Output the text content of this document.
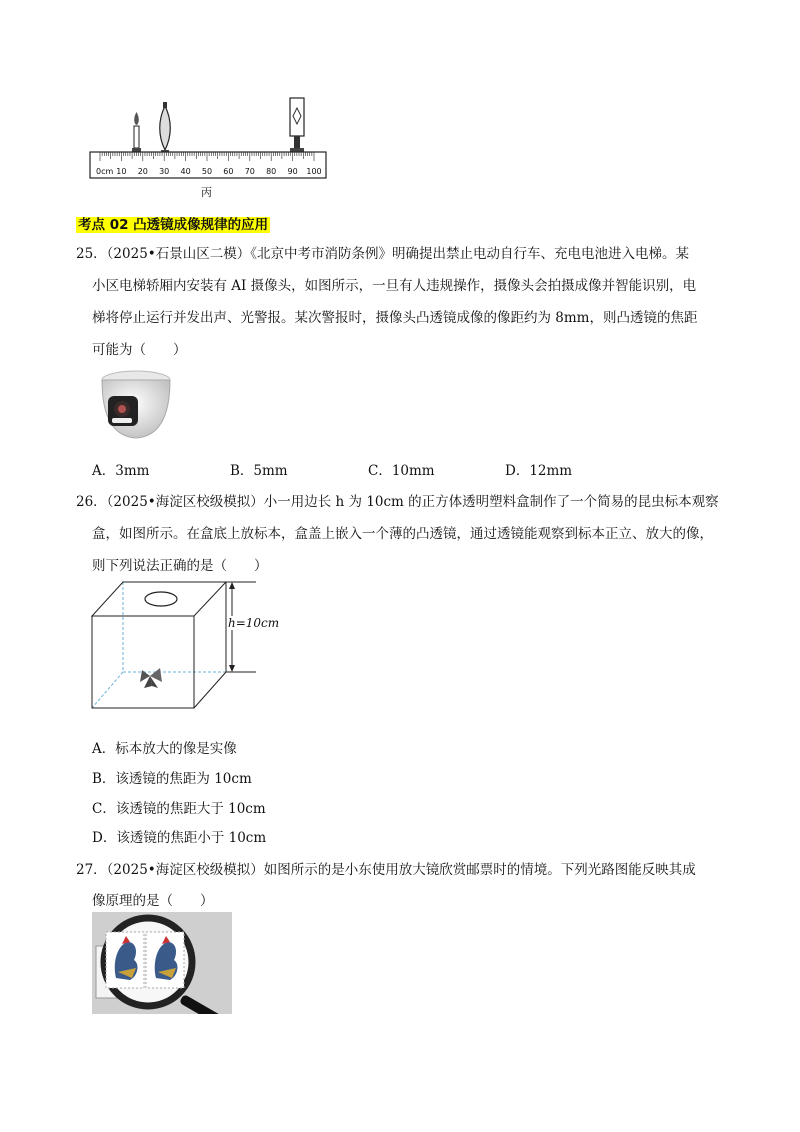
0cm 10 20 30 40 50 60 70 80 90 100
丙
考点 02 凸透镜成像规律的应用
25．（2025•石景山区二模）《北京中考市消防条例》明确提出禁止电动自行车、充电电池进入电梯。某
小区电梯轿厢内安装有 AI 摄像头，如图所示，一旦有人违规操作，摄像头会拍摄成像并智能识别，电
梯将停止运行并发出声、光警报。某次警报时，摄像头凸透镜成像的像距约为 8mm，则凸透镜的焦距
可能为（　　）
A．3mm	B．5mm	C．10mm	D．12mm
26．（2025•海淀区校级模拟）小一用边长 h 为 10cm 的正方体透明塑料盒制作了一个简易的昆虫标本观察
盒，如图所示。在盒底上放标本，盒盖上嵌入一个薄的凸透镜，通过透镜能观察到标本正立、放大的像，
则下列说法正确的是（　　）
h=10cm
A．标本放大的像是实像
B．该透镜的焦距为 10cm
C．该透镜的焦距大于 10cm
D．该透镜的焦距小于 10cm
27．（2025•海淀区校级模拟）如图所示的是小东使用放大镜欣赏邮票时的情境。下列光路图能反映其成
像原理的是（　　）
